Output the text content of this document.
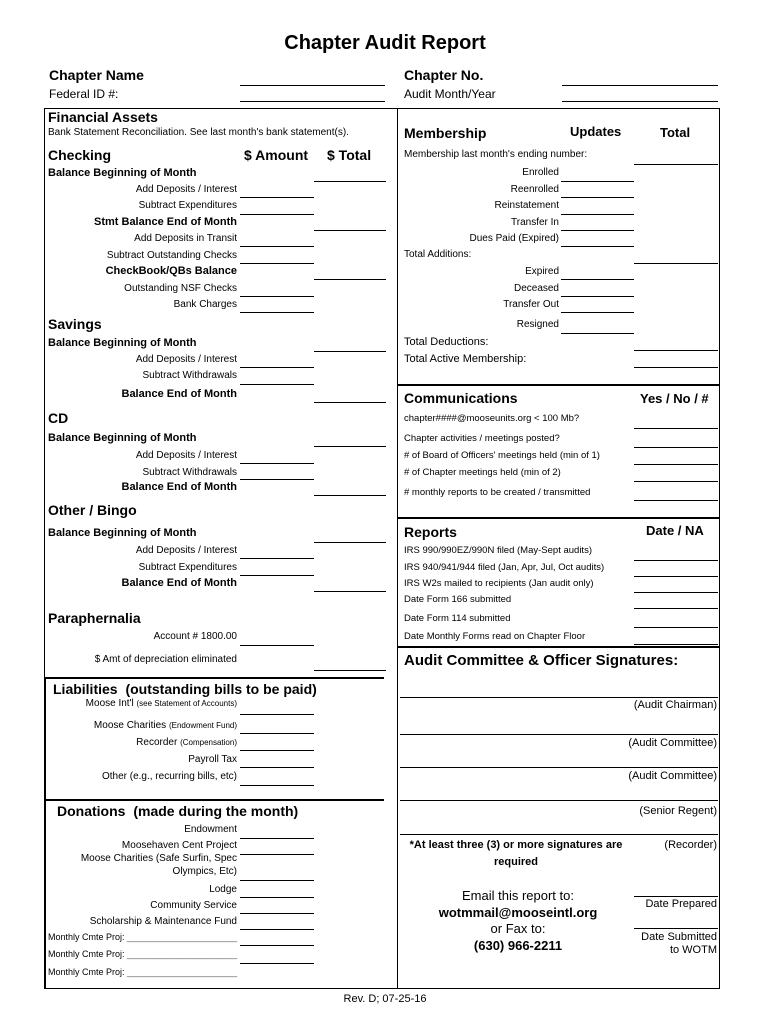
Chapter Audit Report
Chapter Name
Federal ID #:
Chapter No.
Audit Month/Year
Financial Assets
Bank Statement Reconciliation. See last month's bank statement(s).
Checking	$ Amount $ Total
Balance Beginning of Month
Add Deposits / Interest
Subtract Expenditures
Stmt Balance End of Month
Add Deposits in Transit
Subtract Outstanding Checks
CheckBook/QBs Balance
Outstanding NSF Checks
Bank Charges
Savings
Balance Beginning of Month
Add Deposits / Interest
Subtract Withdrawals
Balance End of Month
CD
Balance Beginning of Month
Add Deposits / Interest
Subtract Withdrawals
Balance End of Month
Other / Bingo
Balance Beginning of Month
Add Deposits / Interest
Subtract Expenditures
Balance End of Month
Paraphernalia
Account # 1800.00
$ Amt of depreciation eliminated
Liabilities (outstanding bills to be paid)
Moose Int'l (see Statement of Accounts)
Moose Charities (Endowment Fund)
Recorder (Compensation)
Payroll Tax
Other (e.g., recurring bills, etc)
Donations (made during the month)
Endowment
Moosehaven Cent Project
Moose Charities (Safe Surfin, Spec
Olympics, Etc)
Lodge
Community Service
Scholarship & Maintenance Fund
Monthly Cmte Proj: ______________________
Monthly Cmte Proj: ______________________
Monthly Cmte Proj: ______________________
Membership	Updates	Total
Membership last month's ending number:
Enrolled
Reenrolled
Reinstatement
Transfer In
Dues Paid (Expired)
Total Additions:
Expired
Deceased
Transfer Out
Resigned
Total Deductions:
Total Active Membership:
Communications	Yes / No / #
chapter####@mooseunits.org < 100 Mb?
Chapter activities / meetings posted?
# of Board of Officers' meetings held (min of 1)
# of Chapter meetings held (min of 2)
# monthly reports to be created / transmitted
Reports	Date / NA
IRS 990/990EZ/990N filed (May-Sept audits)
IRS 940/941/944 filed (Jan, Apr, Jul, Oct audits)
IRS W2s mailed to recipients (Jan audit only)
Date Form 166 submitted
Date Form 114 submitted
Date Monthly Forms read on Chapter Floor
Audit Committee & Officer Signatures:
(Audit Chairman)
(Audit Committee)
(Audit Committee)
(Senior Regent)
(Recorder)
*At least three (3) or more signatures are
required
Email this report to:
wotmmail@mooseintl.org
or Fax to:
(630) 966-2211
Date Prepared
Date Submitted
to WOTM
Rev. D; 07-25-16
